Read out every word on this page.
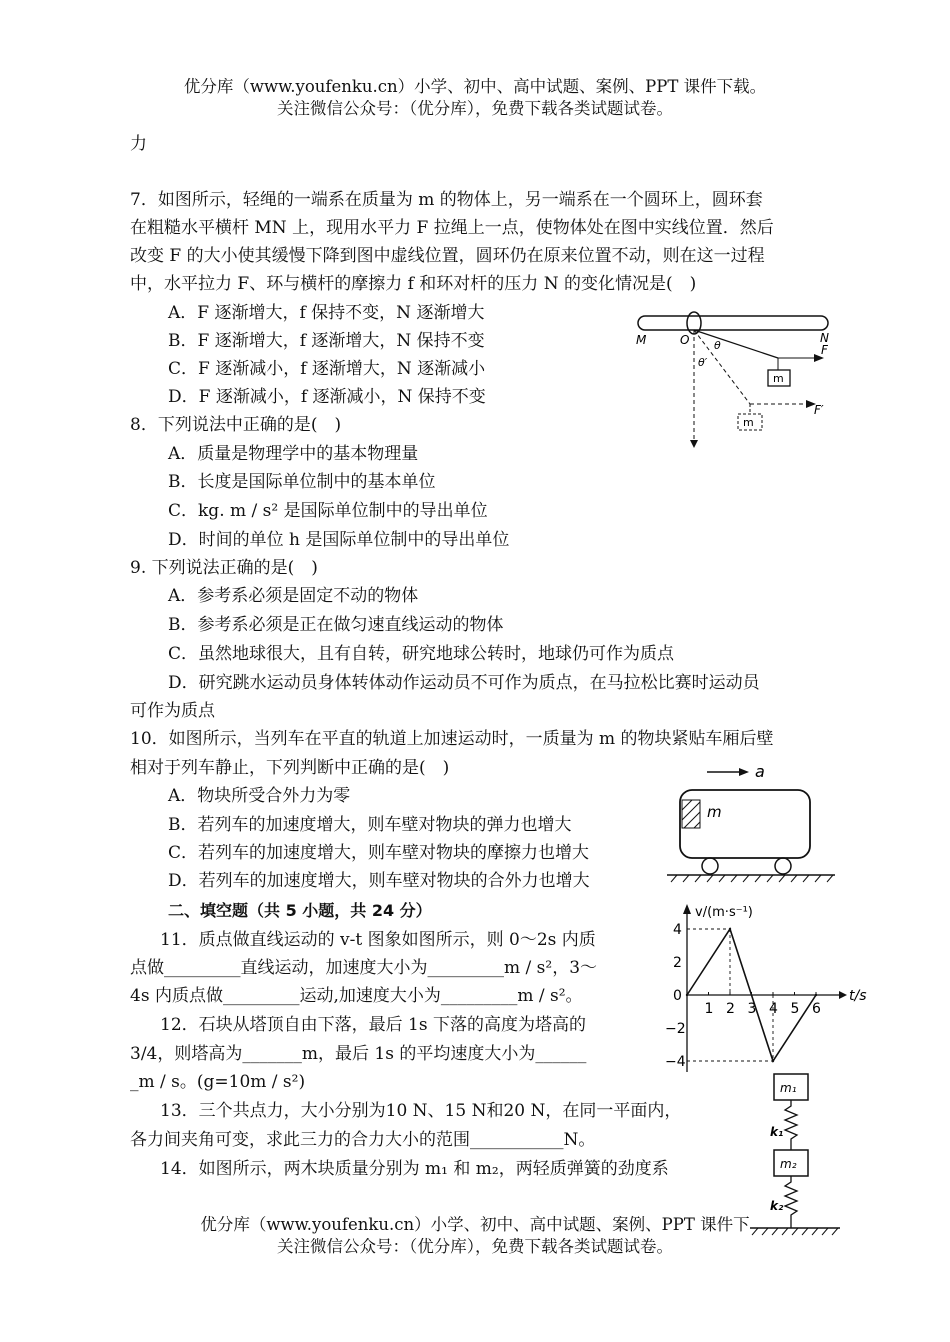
优分库（www.youfenku.cn）小学、初中、高中试题、案例、PPT 课件下载。
关注微信公众号：（优分库），免费下载各类试题试卷。
力
7．如图所示，轻绳的一端系在质量为 m 的物体上，另一端系在一个圆环上，圆环套
在粗糙水平横杆 MN 上，现用水平力 F 拉绳上一点，使物体处在图中实线位置．然后
改变 F 的大小使其缓慢下降到图中虚线位置，圆环仍在原来位置不动，则在这一过程
中，水平拉力 F、环与横杆的摩擦力 f 和环对杆的压力 N 的变化情况是(　)
A．F 逐渐增大，f 保持不变，N 逐渐增大
B．F 逐渐增大，f 逐渐增大，N 保持不变
C．F 逐渐减小，f 逐渐增大，N 逐渐减小
D．F 逐渐减小，f 逐渐减小，N 保持不变
M	O	N
m
F
m
F′
θ
θ′
8．下列说法中正确的是(　)
A．质量是物理学中的基本物理量
B．长度是国际单位制中的基本单位
C．kg. m / s² 是国际单位制中的导出单位
D．时间的单位 h 是国际单位制中的导出单位
9. 下列说法正确的是(　)
A．参考系必须是固定不动的物体
B．参考系必须是正在做匀速直线运动的物体
C．虽然地球很大，且有自转，研究地球公转时，地球仍可作为质点
D．研究跳水运动员身体转体动作运动员不可作为质点，在马拉松比赛时运动员
可作为质点
10．如图所示，当列车在平直的轨道上加速运动时，一质量为 m 的物块紧贴车厢后壁
相对于列车静止，下列判断中正确的是(　)
A．物块所受合外力为零
B．若列车的加速度增大，则车壁对物块的弹力也增大
C．若列车的加速度增大，则车壁对物块的摩擦力也增大
D．若列车的加速度增大，则车壁对物块的合外力也增大
a
m
二、填空题（共 5 小题，共 24 分）
11．质点做直线运动的 v-t 图象如图所示，则 0～2s 内质
点做_________直线运动，加速度大小为_________m / s²，3～
4s 内质点做_________运动,加速度大小为_________m / s²。
v/(m·s⁻¹)
t/s
1 2 3 4 5 6
4
2
0
−2
−4
12．石块从塔顶自由下落，最后 1s 下落的高度为塔高的
3/4，则塔高为_______m，最后 1s 的平均速度大小为______
_m / s。(g=10m / s²)
13．三个共点力，大小分别为10 N、15 N和20 N，在同一平面内，
各力间夹角可变，求此三力的合力大小的范围___________N。
14．如图所示，两木块质量分别为 m₁ 和 m₂，两轻质弹簧的劲度系
m₁
k₁
m₂
k₂
优分库（www.youfenku.cn）小学、初中、高中试题、案例、PPT 课件下
关注微信公众号：（优分库），免费下载各类试题试卷。
